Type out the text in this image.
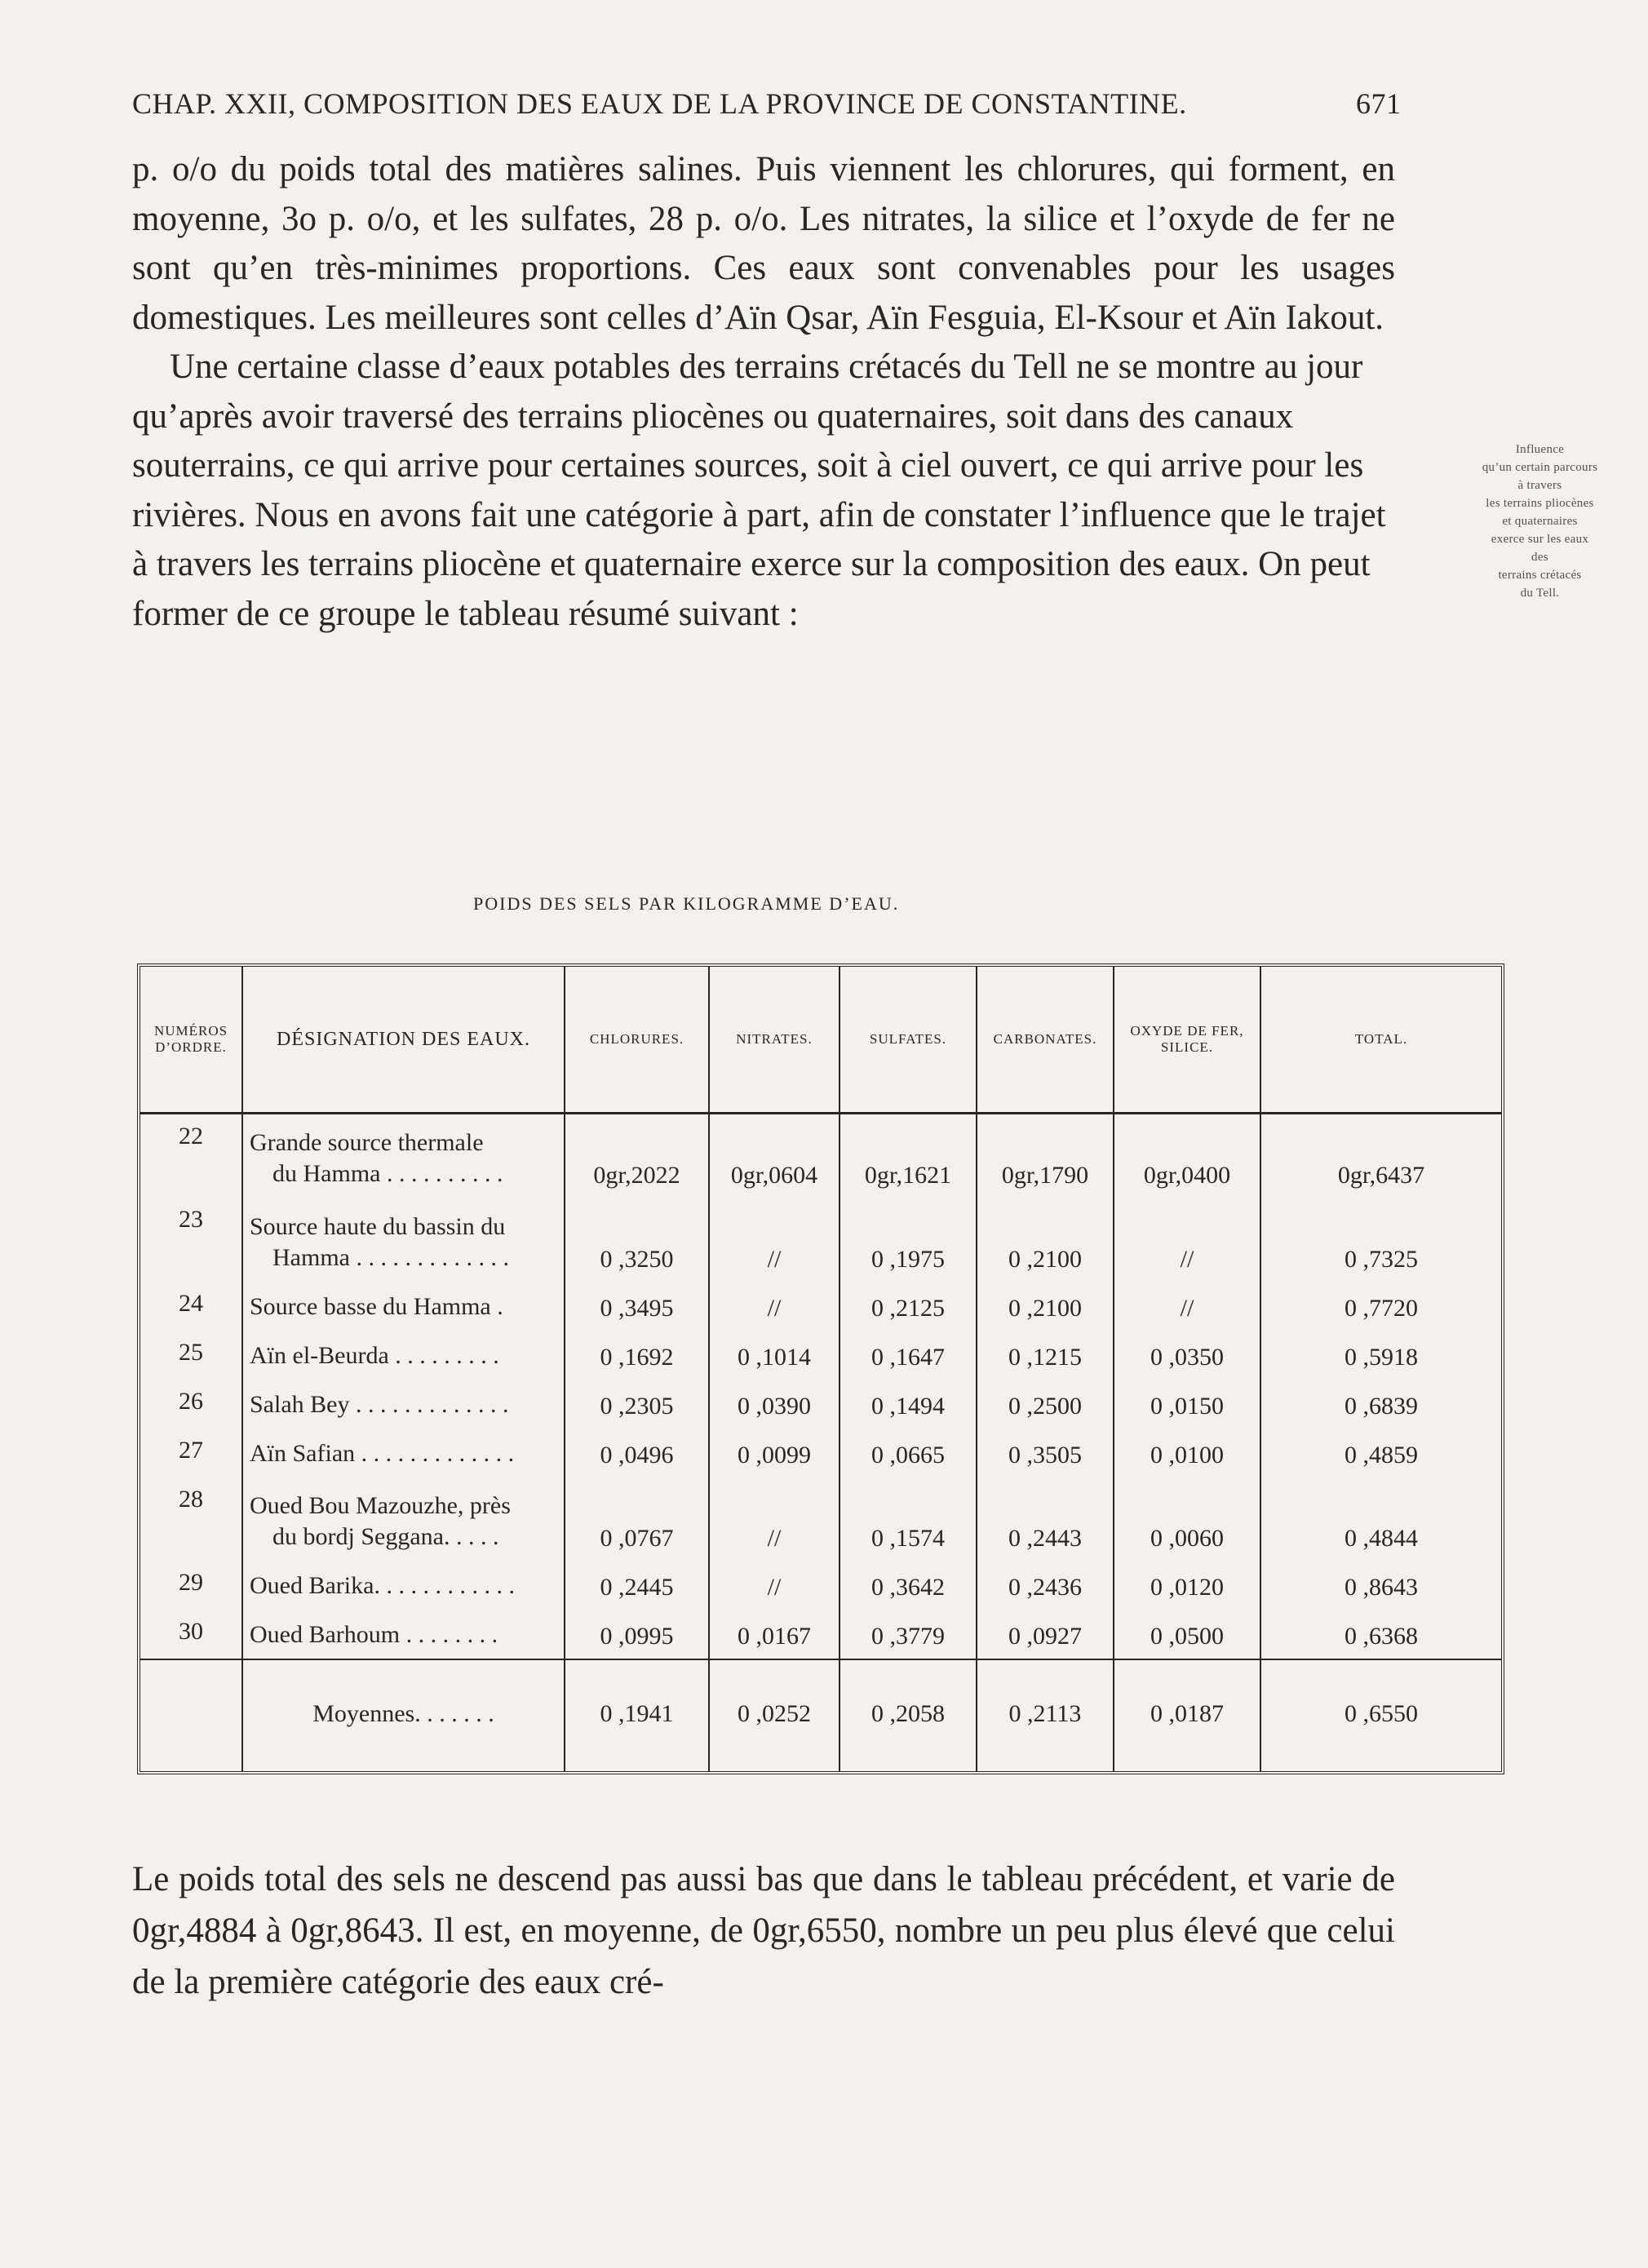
CHAP. XXII, COMPOSITION DES EAUX DE LA PROVINCE DE CONSTANTINE.	671

p. o/o du poids total des matières salines. Puis viennent les chlorures, qui forment, en moyenne, 3o p. o/o, et les sulfates, 28 p. o/o. Les nitrates, la silice et l’oxyde de fer ne sont qu’en très-minimes proportions. Ces eaux sont convenables pour les usages domestiques. Les meilleures sont celles d’Aïn Qsar, Aïn Fesguia, El-Ksour et Aïn Iakout.

Une certaine classe d’eaux potables des terrains crétacés du Tell ne se montre au jour qu’après avoir traversé des terrains pliocènes ou quaternaires, soit dans des canaux souterrains, ce qui arrive pour certaines sources, soit à ciel ouvert, ce qui arrive pour les rivières. Nous en avons fait une catégorie à part, afin de constater l’influence que le trajet à travers les terrains pliocène et quaternaire exerce sur la composition des eaux. On peut former de ce groupe le tableau résumé suivant :

Influence
qu’un certain parcours
à travers
les terrains pliocènes
et quaternaires
exerce sur les eaux
des
terrains crétacés
du Tell.
POIDS DES SELS PAR KILOGRAMME D’EAU.
NUMÉROS D’ORDRE.	DÉSIGNATION DES EAUX.	CHLORURES.	NITRATES.	SULFATES.	CARBONATES.	OXYDE DE FER, SILICE.	TOTAL.
22	Grande source thermale
du Hamma . . . . . . . . . .	0gr,2022	0gr,0604	0gr,1621	0gr,1790	0gr,0400	0gr,6437
23	Source haute du bassin du
Hamma . . . . . . . . . . . . .	0 ,3250	//	0 ,1975	0 ,2100	//	0 ,7325
24	Source basse du Hamma .	0 ,3495	//	0 ,2125	0 ,2100	//	0 ,7720
25	Aïn el-Beurda . . . . . . . . .	0 ,1692	0 ,1014	0 ,1647	0 ,1215	0 ,0350	0 ,5918
26	Salah Bey . . . . . . . . . . . . .	0 ,2305	0 ,0390	0 ,1494	0 ,2500	0 ,0150	0 ,6839
27	Aïn Safian . . . . . . . . . . . . .	0 ,0496	0 ,0099	0 ,0665	0 ,3505	0 ,0100	0 ,4859
28	Oued Bou Mazouzhe, près
du bordj Seggana. . . . .	0 ,0767	//	0 ,1574	0 ,2443	0 ,0060	0 ,4844
29	Oued Barika. . . . . . . . . . . .	0 ,2445	//	0 ,3642	0 ,2436	0 ,0120	0 ,8643
30	Oued Barhoum . . . . . . . .	0 ,0995	0 ,0167	0 ,3779	0 ,0927	0 ,0500	0 ,6368
	Moyennes. . . . . . .	0 ,1941	0 ,0252	0 ,2058	0 ,2113	0 ,0187	0 ,6550

Le poids total des sels ne descend pas aussi bas que dans le tableau précédent, et varie de 0gr,4884 à 0gr,8643. Il est, en moyenne, de 0gr,6550, nombre un peu plus élevé que celui de la première catégorie des eaux cré-
